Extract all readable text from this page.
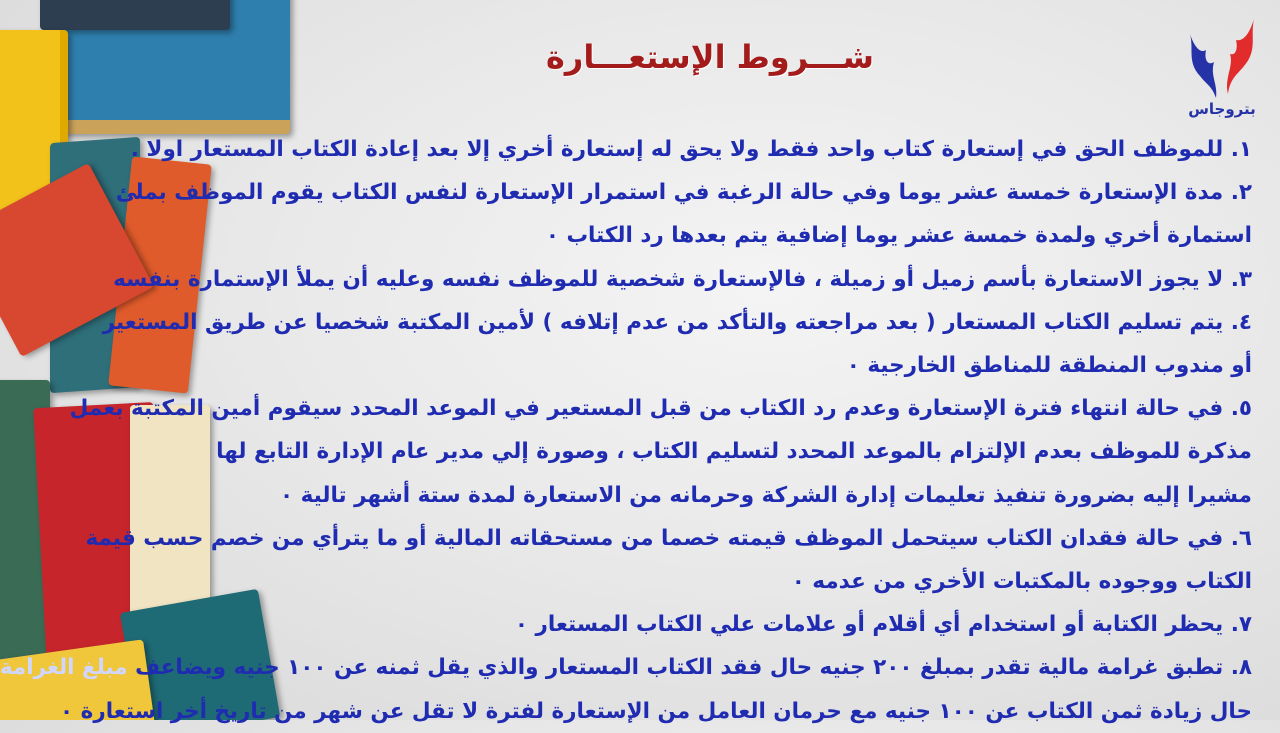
بتروجاس
شـــروط الإستعـــارة
١. للموظف الحق في إستعارة كتاب واحد فقط ولا يحق له إستعارة أخري إلا بعد إعادة الكتاب المستعار اولا .
٢. مدة الإستعارة خمسة عشر يوما وفي حالة الرغبة في استمرار الإستعارة لنفس الكتاب يقوم الموظف بملئ
استمارة أخري ولمدة خمسة عشر يوما إضافية يتم بعدها رد الكتاب ٠
٣. لا يجوز الاستعارة بأسم زميل أو زميلة ، فالإستعارة شخصية للموظف نفسه وعليه أن يملأ الإستمارة بنفسه
٤. يتم تسليم الكتاب المستعار ( بعد مراجعته والتأكد من عدم إتلافه ) لأمين المكتبة شخصيا عن طريق المستعير
أو مندوب المنطقة للمناطق الخارجية ٠
٥. في حالة انتهاء فترة الإستعارة وعدم رد الكتاب من قبل المستعير في الموعد المحدد سيقوم أمين المكتبة بعمل
مذكرة للموظف بعدم الإلتزام بالموعد المحدد لتسليم الكتاب ، وصورة إلي مدير عام الإدارة التابع لها
مشيرا إليه بضرورة تنفيذ تعليمات إدارة الشركة وحرمانه من الاستعارة لمدة ستة أشهر تالية ٠
٦. في حالة فقدان الكتاب سيتحمل الموظف قيمته خصما من مستحقاته المالية أو ما يترأي من خصم حسب قيمة
الكتاب ووجوده بالمكتبات الأخري من عدمه ٠
٧. يحظر الكتابة أو استخدام أي أقلام أو علامات علي الكتاب المستعار ٠
٨. تطبق غرامة مالية تقدر بمبلغ ٢٠٠ جنيه حال فقد الكتاب المستعار والذي يقل ثمنه عن ١٠٠ جنيه ويضاعف مبلغ الغرامة
حال زيادة ثمن الكتاب عن ١٠٠ جنيه مع حرمان العامل من الإستعارة لفترة لا تقل عن شهر من تاريخ أخر استعارة ٠
